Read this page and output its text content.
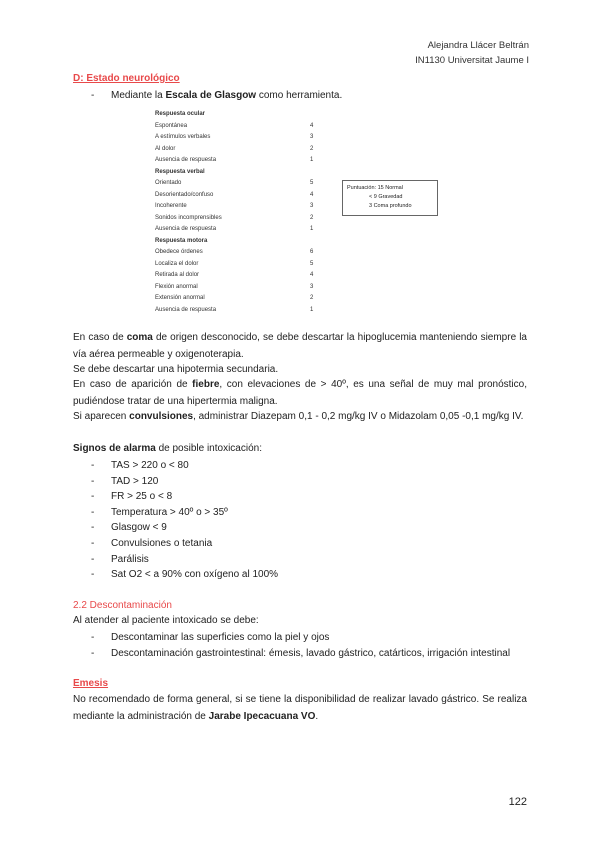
Alejandra Llácer Beltrán
IN1130 Universitat Jaume I
D: Estado neurológico
- Mediante la Escala de Glasgow como herramienta.
Respuesta ocular
Espontánea	4
A estímulos verbales	3
Al dolor	2
Ausencia de respuesta	1
Respuesta verbal
Orientado	5
Desorientado/confuso	4
Incoherente	3
Sonidos incomprensibles	2
Ausencia de respuesta	1
Respuesta motora
Obedece órdenes	6
Localiza el dolor	5
Retirada al dolor	4
Flexión anormal	3
Extensión anormal	2
Ausencia de respuesta	1
Puntuación: 15 Normal
< 9 Gravedad
3 Coma profundo
En caso de coma de origen desconocido, se debe descartar la hipoglucemia manteniendo siempre la vía aérea permeable y oxigenoterapia.
Se debe descartar una hipotermia secundaria.
En caso de aparición de fiebre, con elevaciones de > 40º, es una señal de muy mal pronóstico, pudiéndose tratar de una hipertermia maligna.
Si aparecen convulsiones, administrar Diazepam 0,1 - 0,2 mg/kg IV o Midazolam 0,05 -0,1 mg/kg IV.
Signos de alarma de posible intoxicación:
- TAS > 220 o < 80
- TAD > 120
- FR > 25 o < 8
- Temperatura > 40º o > 35º
- Glasgow < 9
- Convulsiones o tetania
- Parálisis
- Sat O2 < a 90% con oxígeno al 100%
2.2 Descontaminación
Al atender al paciente intoxicado se debe:
- Descontaminar las superficies como la piel y ojos
- Descontaminación gastrointestinal: émesis, lavado gástrico, catárticos, irrigación intestinal
Emesis
No recomendado de forma general, si se tiene la disponibilidad de realizar lavado gástrico. Se realiza mediante la administración de Jarabe Ipecacuana VO.
122
